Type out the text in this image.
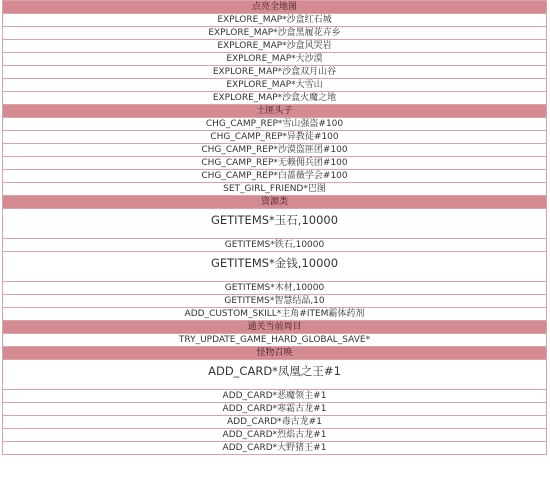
点亮全地图
EXPLORE_MAP*沙盒红石城
EXPLORE_MAP*沙盒黑履花卉乡
EXPLORE_MAP*沙盒风哭岩
EXPLORE_MAP*大沙漠
EXPLORE_MAP*沙盒双月山谷
EXPLORE_MAP*大雪山
EXPLORE_MAP*沙盒火魔之地
土匪头子
CHG_CAMP_REP*雪山强盗#100
CHG_CAMP_REP*异教徒#100
CHG_CAMP_REP*沙漠盗匪团#100
CHG_CAMP_REP*无赖佣兵团#100
CHG_CAMP_REP*白蔷薇学会#100
SET_GIRL_FRIEND*巴图
资源类
GETITEMS*玉石,10000
GETITEMS*铁石,10000
GETITEMS*金钱,10000
GETITEMS*木材,10000
GETITEMS*智慧结晶,10
ADD_CUSTOM_SKILL*主角#ITEM霸体药剂
通关当前周目
TRY_UPDATE_GAME_HARD_GLOBAL_SAVE*
怪物召唤
ADD_CARD*凤凰之王#1
ADD_CARD*恶魔领主#1
ADD_CARD*寒霜古龙#1
ADD_CARD*毒古龙#1
ADD_CARD*烈焰古龙#1
ADD_CARD*大野猪王#1
